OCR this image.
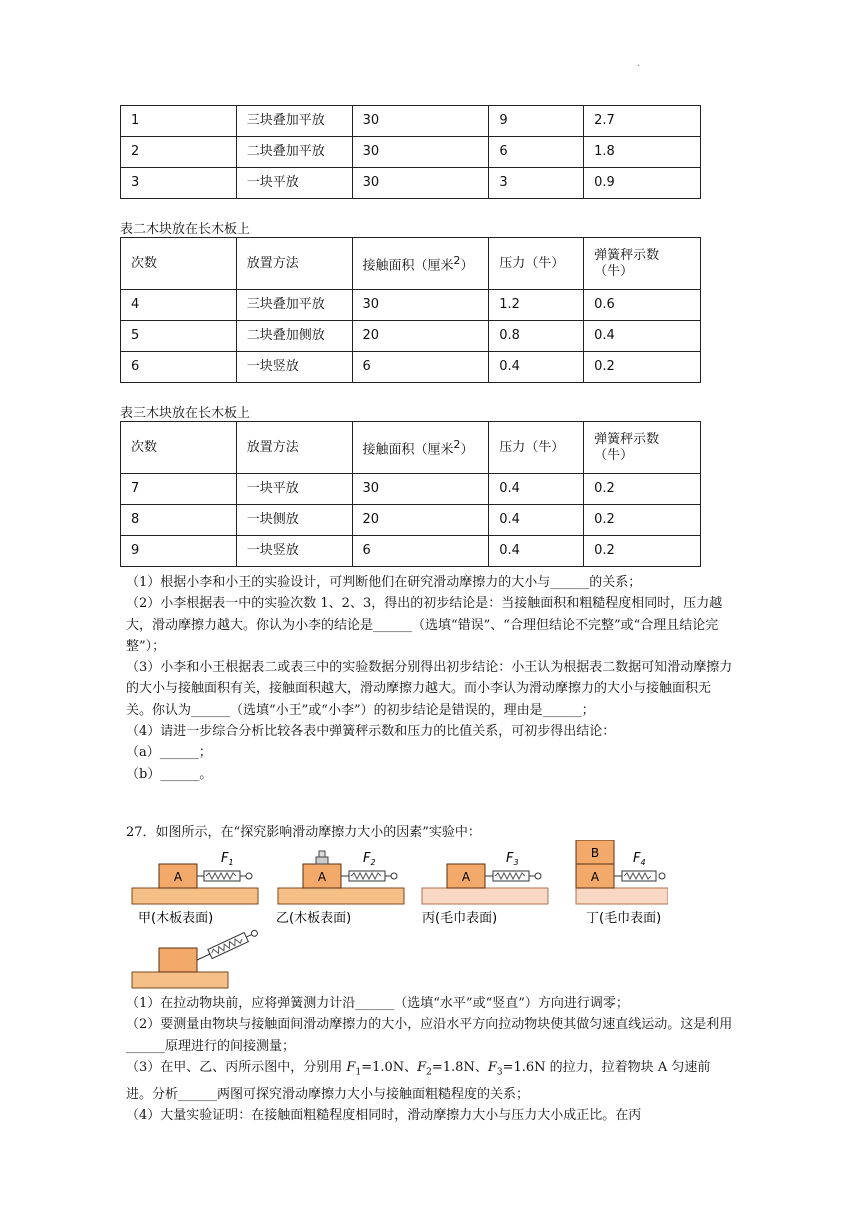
.
1	三块叠加平放	30	9	2.7
2	二块叠加平放	30	6	1.8
3	一块平放	30	3	0.9
表二木块放在长木板上
次数	放置方法	接触面积（厘米$^2$）	压力（牛）	弹簧秤示数
（牛）

4	三块叠加平放	30	1.2	0.6
5	二块叠加侧放	20	0.8	0.4
6	一块竖放	6	0.4	0.2
表三木块放在长木板上
次数	放置方法	接触面积（厘米$^2$）	压力（牛）	弹簧秤示数
（牛）

7	一块平放	30	0.4	0.2
8	一块侧放	20	0.4	0.2
9	一块竖放	6	0.4	0.2

（1）根据小李和小王的实验设计，可判断他们在研究滑动摩擦力的大小与______的关系；

（2）小李根据表一中的实验次数 1、2、3，得出的初步结论是：当接触面积和粗糙程度相同时，压力越大，滑动摩擦力越大。你认为小李的结论是______（选填“错误”、“合理但结论不完整”或“合理且结论完整”）；

（3）小李和小王根据表二或表三中的实验数据分别得出初步结论：小王认为根据表二数据可知滑动摩擦力的大小与接触面积有关，接触面积越大，滑动摩擦力越大。而小李认为滑动摩擦力的大小与接触面积无关。你认为______（选填“小王”或“小李”）的初步结论是错误的，理由是______；

（4）请进一步综合分析比较各表中弹簧秤示数和压力的比值关系，可初步得出结论：

（a）______；

（b）______。

27．如图所示，在“探究影响滑动摩擦力大小的因素”实验中：
A
$F_1$
甲(木板表面)
A
$F_2$
乙(木板表面)
A
$F_3$
丙(毛巾表面)
A
B	$F_4$
丁(毛巾表面)

（1）在拉动物块前，应将弹簧测力计沿______（选填“水平”或“竖直”）方向进行调零；

（2）要测量由物块与接触面间滑动摩擦力的大小，应沿水平方向拉动物块使其做匀速直线运动。这是利用______原理进行的间接测量；

（3）在甲、乙、丙所示图中，分别用 $F_1=1.0N$、$F_2=1.8N$、$F_3=1.6N$ 的拉力，拉着物块 A 匀速前进。分析______两图可探究滑动摩擦力大小与接触面粗糙程度的关系；

（4）大量实验证明：在接触面粗糙程度相同时，滑动摩擦力大小与压力大小成正比。在丙
